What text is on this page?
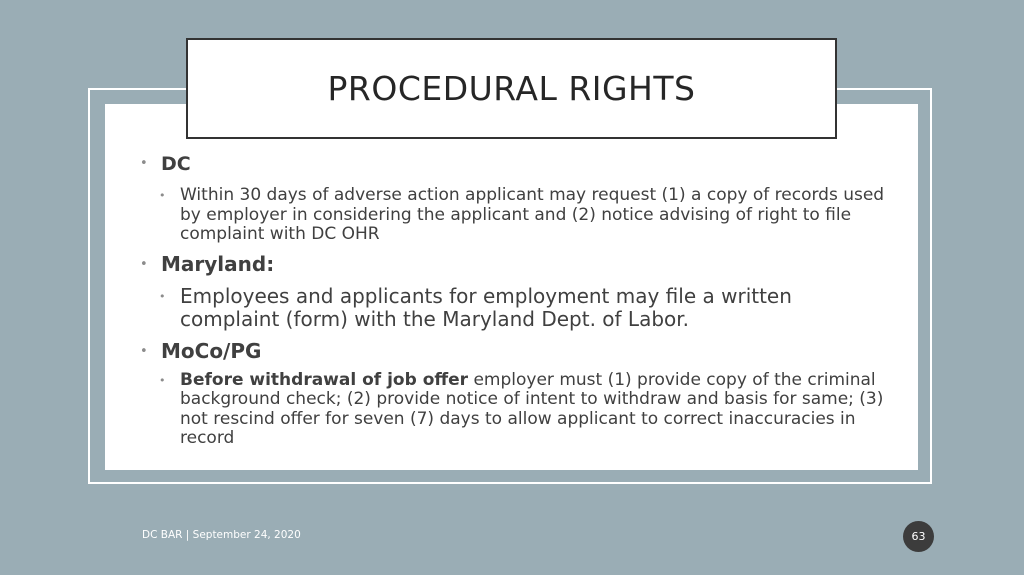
PROCEDURAL RIGHTS
• DC
• Within 30 days of adverse action applicant may request (1) a copy of records used by employer in considering the applicant and (2) notice advising of right to file complaint with DC OHR
• Maryland:
• Employees and applicants for employment may file a written complaint (form) with the Maryland Dept. of Labor.
• MoCo/PG
• Before withdrawal of job offer employer must (1) provide copy of the criminal background check; (2) provide notice of intent to withdraw and basis for same; (3) not rescind offer for seven (7) days to allow applicant to correct inaccuracies in record
DC BAR | September 24, 2020	63
